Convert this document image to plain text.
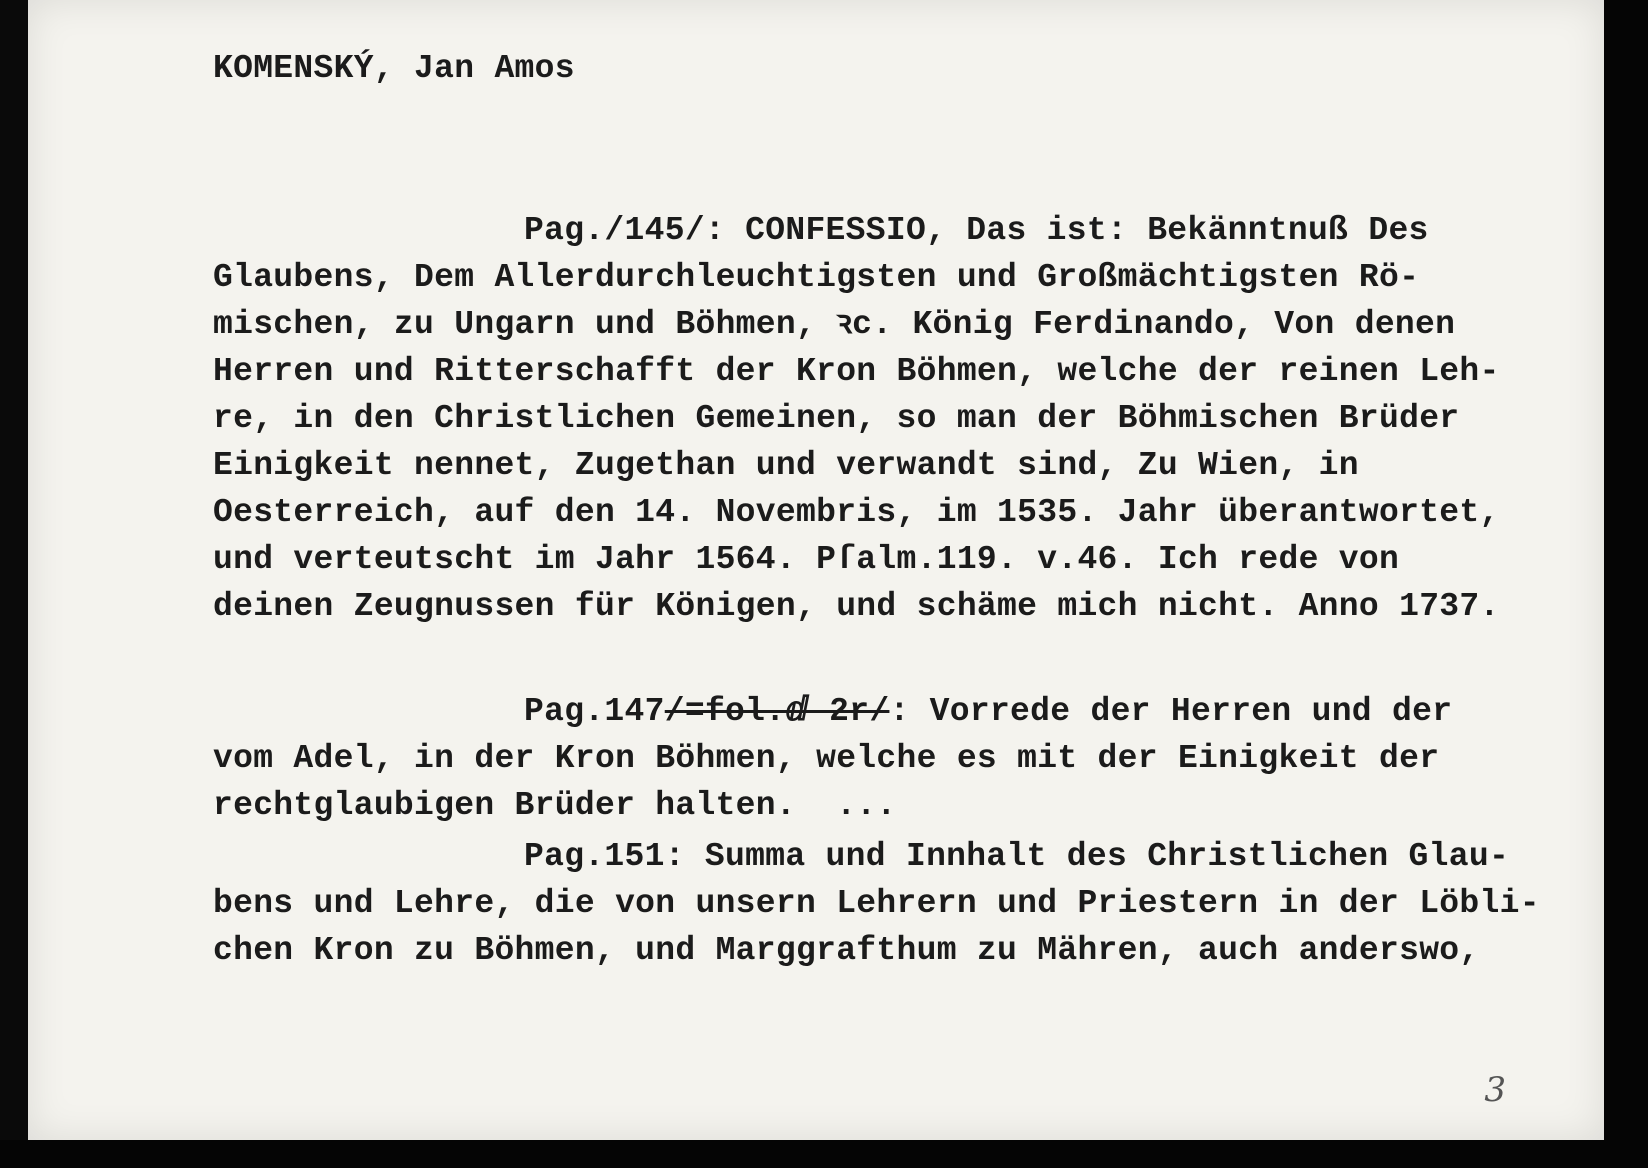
KOMENSKÝ, Jan Amos
Pag./145/: CONFESSIO, Das ist: Bekänntnuß Des
Glaubens, Dem Allerdurchleuchtigsten und Großmächtigsten Rö-
mischen, zu Ungarn und Böhmen, ꝛc. König Ferdinando, Von denen
Herren und Ritterschafft der Kron Böhmen, welche der reinen Leh-
re, in den Christlichen Gemeinen, so man der Böhmischen Brüder
Einigkeit nennet, Zugethan und verwandt sind, Zu Wien, in
Oesterreich, auf den 14. Novembris, im 1535. Jahr überantwortet,
und verteutscht im Jahr 1564. Pſalm.119. v.46. Ich rede von
deinen Zeugnussen für Königen, und schäme mich nicht. Anno 1737.
Pag.147/=fol.ⅆ 2r/: Vorrede der Herren und der
vom Adel, in der Kron Böhmen, welche es mit der Einigkeit der
rechtglaubigen Brüder halten.  ...
Pag.151: Summa und Innhalt des Christlichen Glau-
bens und Lehre, die von unsern Lehrern und Priestern in der Löbli-
chen Kron zu Böhmen, und Marggrafthum zu Mähren, auch anderswo,
3
